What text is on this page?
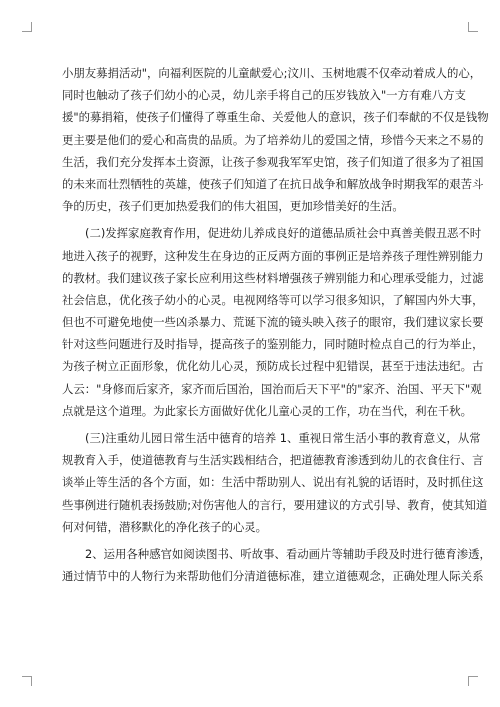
小朋友募捐活动"，向福利医院的儿童献爱心;汶川、玉树地震不仅牵动着成人的心，
同时也触动了孩子们幼小的心灵，幼儿亲手将自己的压岁钱放入"一方有难八方支
援"的募捐箱，使孩子们懂得了尊重生命、关爱他人的意识，孩子们奉献的不仅是钱物
更主要是他们的爱心和高贵的品质。为了培养幼儿的爱国之情，珍惜今天来之不易的
生活，我们充分发挥本土资源，让孩子参观我军军史馆，孩子们知道了很多为了祖国
的未来而壮烈牺牲的英雄，使孩子们知道了在抗日战争和解放战争时期我军的艰苦斗
争的历史，孩子们更加热爱我们的伟大祖国，更加珍惜美好的生活。
(二)发挥家庭教育作用，促进幼儿养成良好的道德品质社会中真善美假丑恶不时
地进入孩子的视野，这种发生在身边的正反两方面的事例正是培养孩子理性辨别能力
的教材。我们建议孩子家长应利用这些材料增强孩子辨别能力和心理承受能力，过滤
社会信息，优化孩子幼小的心灵。电视网络等可以学习很多知识，了解国内外大事，
但也不可避免地使一些凶杀暴力、荒诞下流的镜头映入孩子的眼帘，我们建议家长要
针对这些问题进行及时指导，提高孩子的鉴别能力，同时随时检点自己的行为举止，
为孩子树立正面形象，优化幼儿心灵，预防成长过程中犯错误，甚至于违法违纪。古
人云："身修而后家齐，家齐而后国治，国治而后天下平"的"家齐、治国、平天下"观
点就是这个道理。为此家长方面做好优化儿童心灵的工作，功在当代，利在千秋。
(三)注重幼儿园日常生活中德育的培养 1、重视日常生活小事的教育意义，从常
规教育入手，使道德教育与生活实践相结合，把道德教育渗透到幼儿的衣食住行、言
谈举止等生活的各个方面，如：生活中帮助别人、说出有礼貌的话语时，及时抓住这
些事例进行随机表扬鼓励;对伤害他人的言行，要用建议的方式引导、教育，使其知道
何对何错，潜移默化的净化孩子的心灵。
2、运用各种感官如阅读图书、听故事、看动画片等辅助手段及时进行德育渗透，
通过情节中的人物行为来帮助他们分清道德标准，建立道德观念，正确处理人际关系
